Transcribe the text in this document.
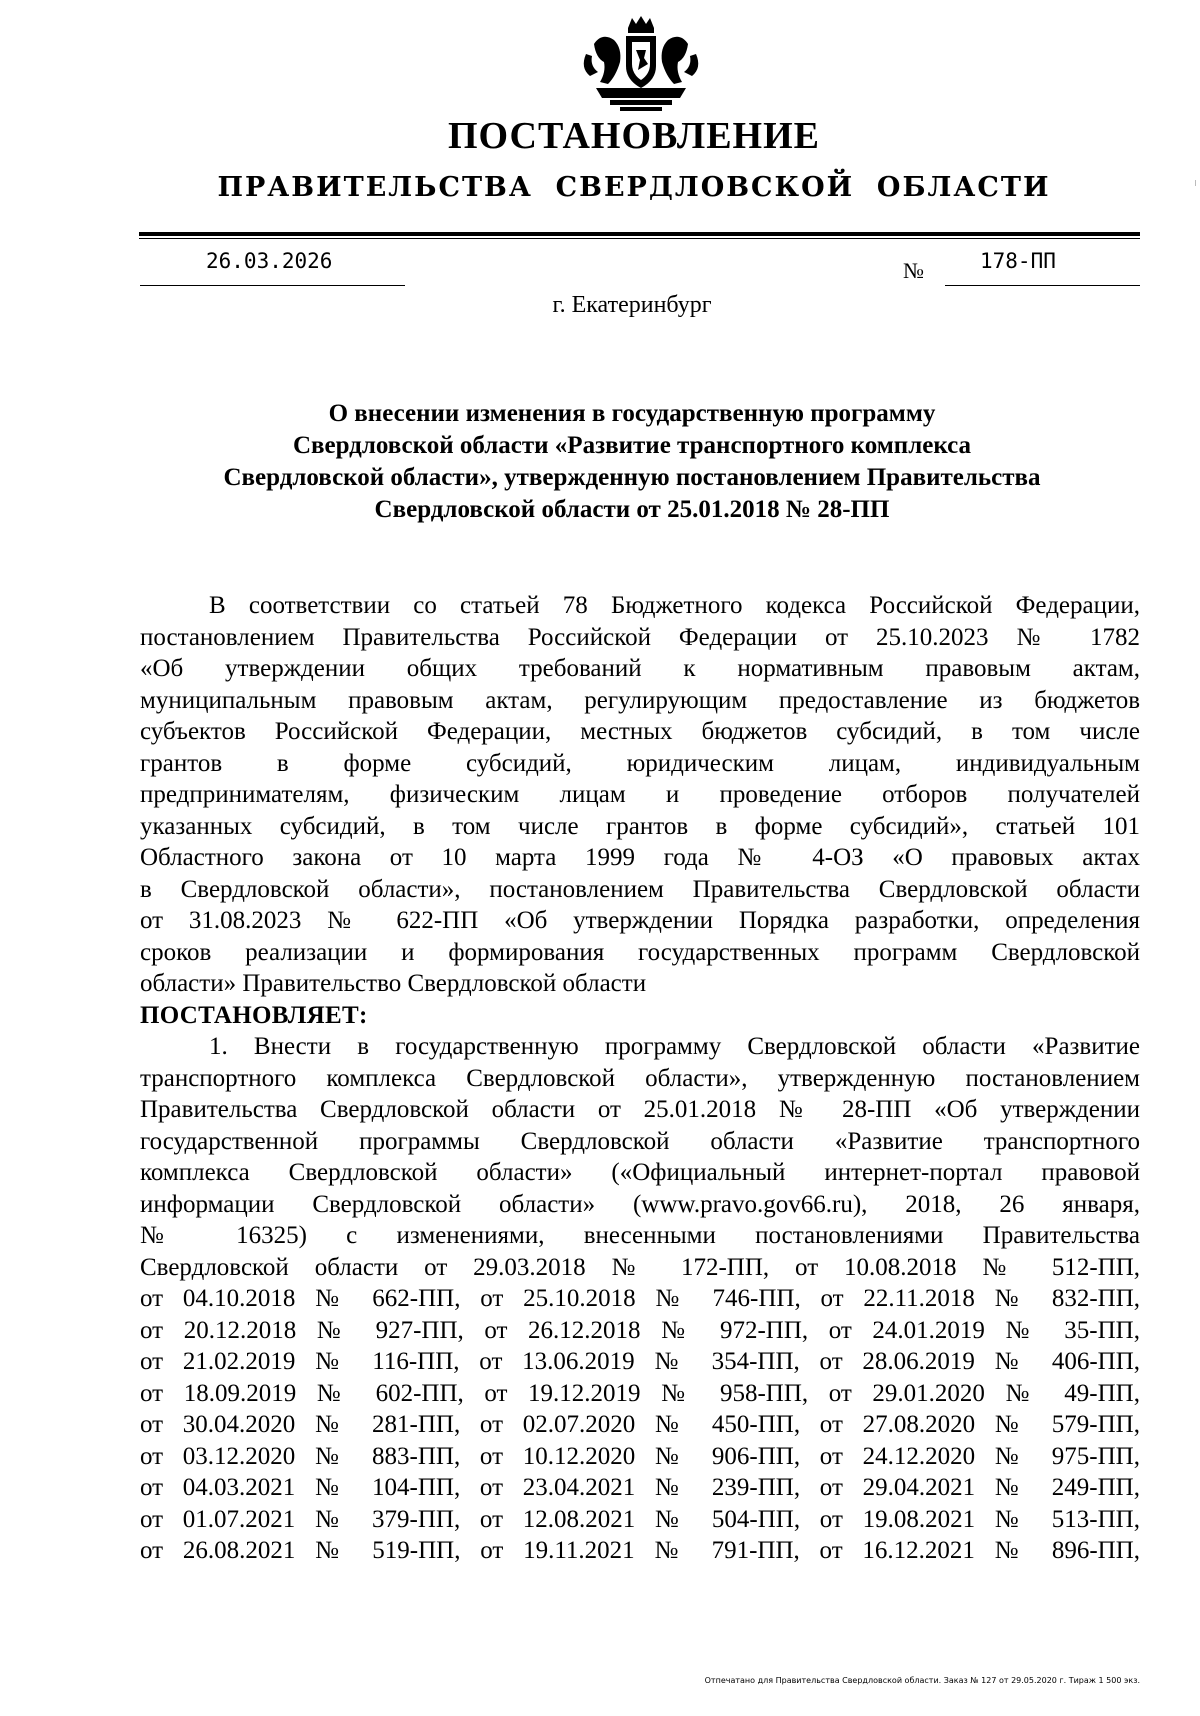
ПОСТАНОВЛЕНИЕ
ПРАВИТЕЛЬСТВА  СВЕРДЛОВСКОЙ  ОБЛАСТИ
26.03.2026	№	178-ПП
г. Екатеринбург
О внесении изменения в государственную программу
Свердловской области «Развитие транспортного комплекса
Свердловской области», утвержденную постановлением Правительства
Свердловской области от 25.01.2018 № 28-ПП
В соответствии со статьей 78 Бюджетного кодекса Российской Федерации,
постановлением Правительства Российской Федерации от 25.10.2023 № 1782
«Об утверждении общих требований к нормативным правовым актам,
муниципальным правовым актам, регулирующим предоставление из бюджетов
субъектов Российской Федерации, местных бюджетов субсидий, в том числе
грантов в форме субсидий, юридическим лицам, индивидуальным
предпринимателям, физическим лицам и проведение отборов получателей
указанных субсидий, в том числе грантов в форме субсидий», статьей 101
Областного закона от 10 марта 1999 года № 4-ОЗ «О правовых актах
в Свердловской области», постановлением Правительства Свердловской области
от 31.08.2023 № 622-ПП «Об утверждении Порядка разработки, определения
сроков реализации и формирования государственных программ Свердловской
области» Правительство Свердловской области
ПОСТАНОВЛЯЕТ:
1. Внести в государственную программу Свердловской области «Развитие
транспортного комплекса Свердловской области», утвержденную постановлением
Правительства Свердловской области от 25.01.2018 № 28-ПП «Об утверждении
государственной программы Свердловской области «Развитие транспортного
комплекса Свердловской области» («Официальный интернет-портал правовой
информации Свердловской области» (www.pravo.gov66.ru), 2018, 26 января,
№ 16325) с изменениями, внесенными постановлениями Правительства
Свердловской области от 29.03.2018 № 172-ПП, от 10.08.2018 № 512-ПП,
от 04.10.2018 № 662-ПП, от 25.10.2018 № 746-ПП, от 22.11.2018 № 832-ПП,
от 20.12.2018 № 927-ПП, от 26.12.2018 № 972-ПП, от 24.01.2019 № 35-ПП,
от 21.02.2019 № 116-ПП, от 13.06.2019 № 354-ПП, от 28.06.2019 № 406-ПП,
от 18.09.2019 № 602-ПП, от 19.12.2019 № 958-ПП, от 29.01.2020 № 49-ПП,
от 30.04.2020 № 281-ПП, от 02.07.2020 № 450-ПП, от 27.08.2020 № 579-ПП,
от 03.12.2020 № 883-ПП, от 10.12.2020 № 906-ПП, от 24.12.2020 № 975-ПП,
от 04.03.2021 № 104-ПП, от 23.04.2021 № 239-ПП, от 29.04.2021 № 249-ПП,
от 01.07.2021 № 379-ПП, от 12.08.2021 № 504-ПП, от 19.08.2021 № 513-ПП,
от 26.08.2021 № 519-ПП, от 19.11.2021 № 791-ПП, от 16.12.2021 № 896-ПП,
Отпечатано для Правительства Свердловской области. Заказ № 127 от 29.05.2020 г. Тираж 1 500 экз.
